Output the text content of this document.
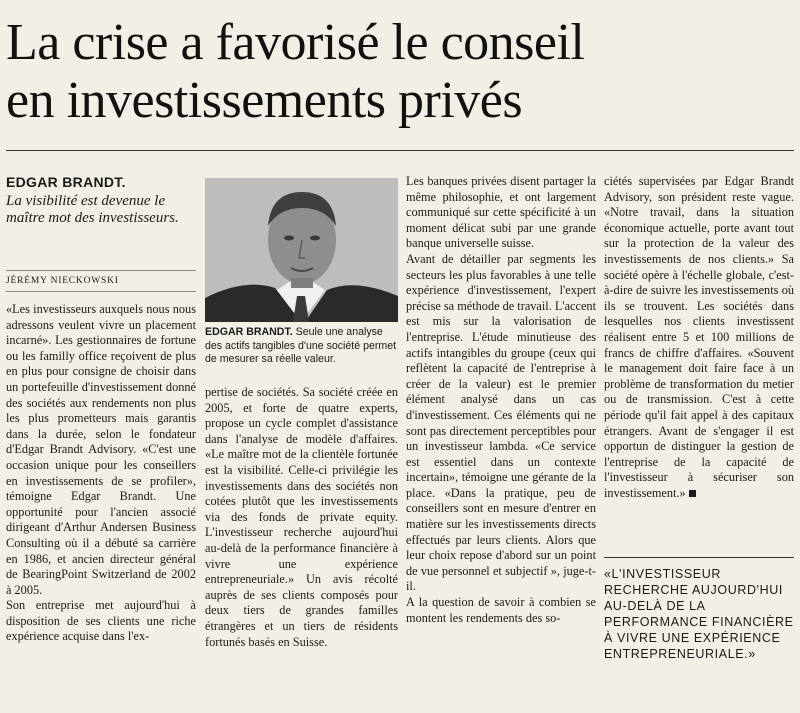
La crise a favorisé le conseil
en investissements privés
EDGAR BRANDT.
La visibilité est devenue le maître mot des investisseurs.
JÉRÉMY NIECKOWSKI

«Les investisseurs auxquels nous nous adressons veulent vivre un placement incarné». Les gestionnaires de fortune ou les familly office reçoivent de plus en plus pour consigne de choisir dans un portefeuille d'investissement donné des sociétés aux rendements non plus les plus prometteurs mais garantis dans la durée, selon le fondateur d'Edgar Brandt Advisory. «C'est une occasion unique pour les conseillers en investissements de se profiler», témoigne Edgar Brandt. Une opportunité pour l'ancien associé dirigeant d'Arthur Andersen Business Consulting où il a débuté sa carrière en 1986, et ancien directeur général de BearingPoint Switzerland de 2002 à 2005.

Son entreprise met aujourd'hui à disposition de ses clients une riche expérience acquise dans l'ex-

EDGAR BRANDT. Seule une analyse des actifs tangibles d'une société permet de mesurer sa réelle valeur.

pertise de sociétés. Sa société créée en 2005, et forte de quatre experts, propose un cycle complet d'assistance dans l'analyse de modèle d'affaires. «Le maître mot de la clientèle fortunée est la visibilité. Celle-ci privilégie les investissements dans des sociétés non cotées plutôt que les investissements via des fonds de private equity. L'investisseur recherche aujourd'hui au-delà de la performance financière à vivre une expérience entrepreneuriale.» Un avis récolté auprès de ses clients composés pour deux tiers de grandes familles étrangères et un tiers de résidents fortunés basés en Suisse.

Les banques privées disent partager la même philosophie, et ont largement communiqué sur cette spécificité à un moment délicat subi par une grande banque universelle suisse.

Avant de détailler par segments les secteurs les plus favorables à une telle expérience d'investissement, l'expert précise sa méthode de travail. L'accent est mis sur la valorisation de l'entreprise. L'étude minutieuse des actifs intangibles du groupe (ceux qui reflètent la capacité de l'entreprise à créer de la valeur) est le premier élément analysé dans un cas d'investissement. Ces éléments qui ne sont pas directement perceptibles pour un investisseur lambda. «Ce service est essentiel dans un contexte incertain», témoigne une gérante de la place. «Dans la pratique, peu de conseillers sont en mesure d'entrer en matière sur les investissements directs effectués par leurs clients. Alors que leur choix repose d'abord sur un point de vue personnel et subjectif », juge-t-il.

A la question de savoir à combien se montent les rendements des so-

ciétés supervisées par Edgar Brandt Advisory, son président reste vague. «Notre travail, dans la situation économique actuelle, porte avant tout sur la protection de la valeur des investissements de nos clients.» Sa société opère à l'échelle globale, c'est-à-dire de suivre les investissements où ils se trouvent. Les sociétés dans lesquelles nos clients investissent réalisent entre 5 et 100 millions de francs de chiffre d'affaires. «Souvent le management doit faire face à un problème de transformation du metier ou de transmission. C'est à cette période qu'il fait appel à des capitaux étrangers. Avant de s'engager il est opportun de distinguer la gestion de l'entreprise de la capacité de l'investisseur à sécuriser son investissement.»

«L'INVESTISSEUR RECHERCHE AUJOURD'HUI AU-DELÀ DE LA PERFORMANCE FINANCIÈRE À VIVRE UNE EXPÉRIENCE ENTREPRENEURIALE.»
